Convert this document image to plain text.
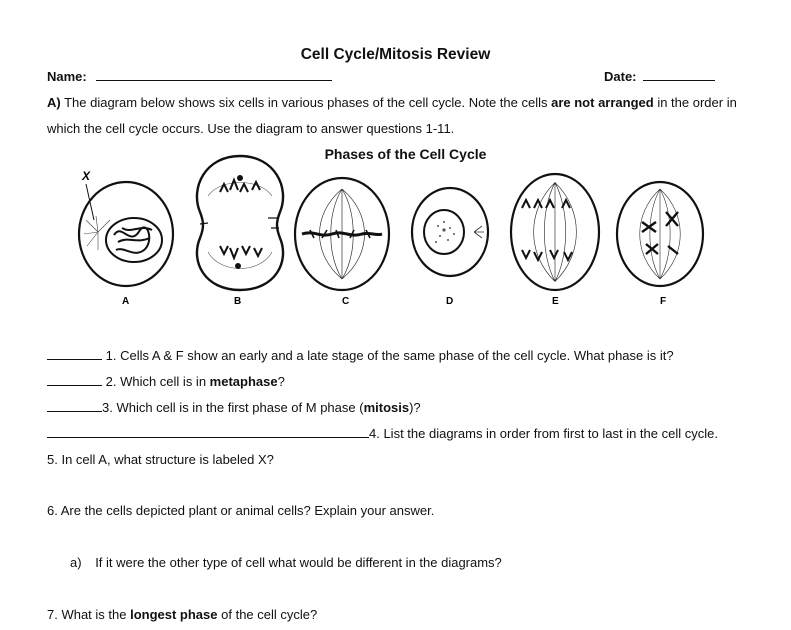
Cell Cycle/Mitosis Review
Name:	Date:
A) The diagram below shows six cells in various phases of the cell cycle. Note the cells are not arranged in the order in
which the cell cycle occurs. Use the diagram to answer questions 1-11.
Phases of the Cell Cycle
X
A	B	C	D	E	F
1. Cells A & F show an early and a late stage of the same phase of the cell cycle. What phase is it?
2. Which cell is in metaphase?
3. Which cell is in the first phase of M phase (mitosis)?
4. List the diagrams in order from first to last in the cell cycle.
5. In cell A, what structure is labeled X?
6. Are the cells depicted plant or animal cells? Explain your answer.
a) If it were the other type of cell what would be different in the diagrams?
7. What is the longest phase of the cell cycle?
